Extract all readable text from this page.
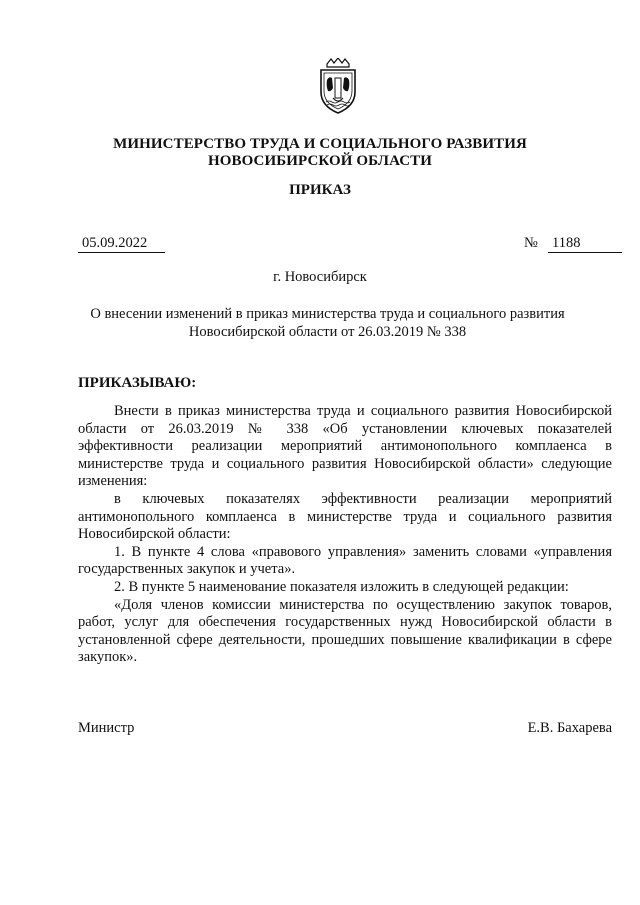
МИНИСТЕРСТВО ТРУДА И СОЦИАЛЬНОГО РАЗВИТИЯ
НОВОСИБИРСКОЙ ОБЛАСТИ
ПРИКАЗ
05.09.2022	№ 1188
г. Новосибирск
О внесении изменений в приказ министерства труда и социального развития
Новосибирской области от 26.03.2019 № 338
ПРИКАЗЫВАЮ:

Внести в приказ министерства труда и социального развития Новосибирской области от 26.03.2019 № 338 «Об установлении ключевых показателей эффективности реализации мероприятий антимонопольного комплаенса в министерстве труда и социального развития Новосибирской области» следующие изменения:

в ключевых показателях эффективности реализации мероприятий антимонопольного комплаенса в министерстве труда и социального развития Новосибирской области:

1. В пункте 4 слова «правового управления» заменить словами «управления государственных закупок и учета».

2. В пункте 5 наименование показателя изложить в следующей редакции:

«Доля членов комиссии министерства по осуществлению закупок товаров, работ, услуг для обеспечения государственных нужд Новосибирской области в установленной сфере деятельности, прошедших повышение квалификации в сфере закупок».

Министр	Е.В. Бахарева
